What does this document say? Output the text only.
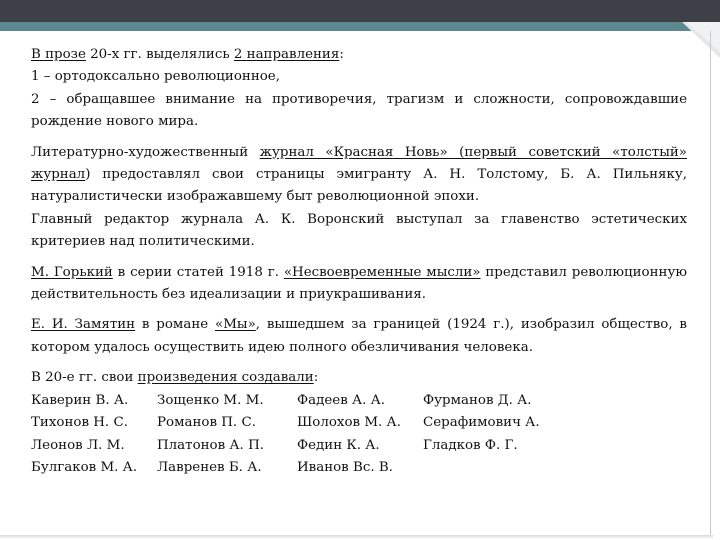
В прозе 20-х гг. выделялись 2 направления:
1 – ортодоксально революционное,
2 – обращавшее внимание на противоречия, трагизм и сложности, сопровождавшие рождение нового мира.

Литературно-художественный журнал «Красная Новь» (первый советский «толстый» журнал) предоставлял свои страницы эмигранту А. Н. Толстому, Б. А. Пильняку, натуралистически изображавшему быт революционной эпохи.
Главный редактор журнала А. К. Воронский выступал за главенство эстетических критериев над политическими.

М. Горький в серии статей 1918 г. «Несвоевременные мысли» представил революционную действительность без идеализации и приукрашивания.

Е. И. Замятин в романе «Мы», вышедшем за границей (1924 г.), изобразил общество, в котором удалось осуществить идею полного обезличивания человека.

В 20-е гг. свои произведения создавали:

Каверин В. А.	Зощенко М. М.	Фадеев А. А.	Фурманов Д. А.
Тихонов Н. С.	Романов П. С.	Шолохов М. А.	Серафимович А.
Леонов Л. М.	Платонов А. П.	Федин К. А.	Гладков Ф. Г.
Булгаков М. А.	Лавренев Б. А.	Иванов Вс. В.
